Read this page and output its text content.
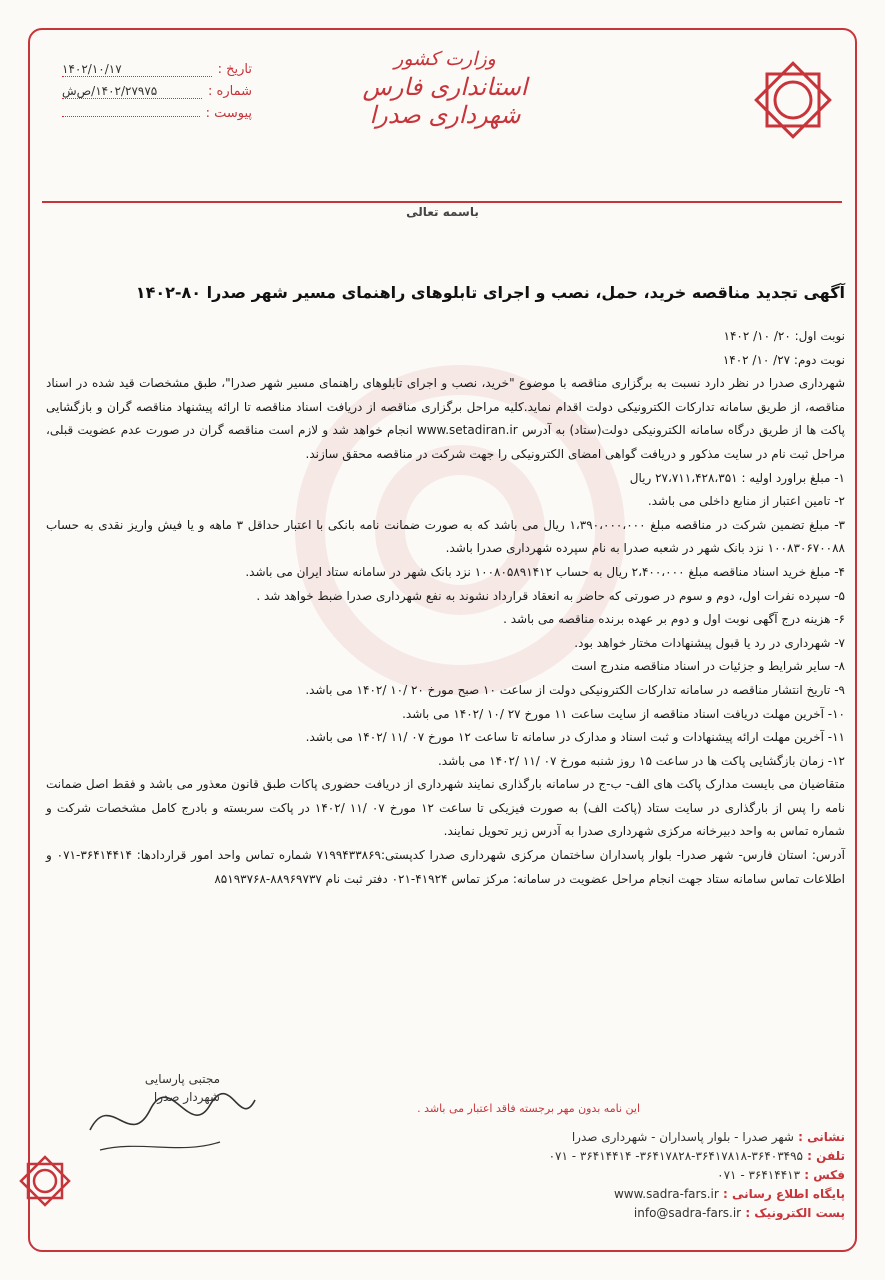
تاریخ :
۱۴۰۲/۱۰/۱۷
شماره :
۱۴۰۲/۲۷۹۷۵/ص‌ش
پیوست :
وزارت کشور
استانداری فارس
شهرداری صدرا
باسمه تعالی
آگهی تجدید مناقصه خرید، حمل، نصب و اجرای تابلوهای راهنمای مسیر شهر صدرا ۸۰-۱۴۰۲

نوبت اول: ۲۰/ ۱۰/ ۱۴۰۲

نوبت دوم: ۲۷/ ۱۰/ ۱۴۰۲

شهرداری صدرا در نظر دارد نسبت به برگزاری مناقصه با موضوع "خرید، نصب و اجرای تابلوهای راهنمای مسیر شهر صدرا"، طبق مشخصات قید شده در اسناد مناقصه، از طریق سامانه تدارکات الکترونیکی دولت اقدام نماید.کلیه مراحل برگزاری مناقصه از دریافت اسناد مناقصه تا ارائه پیشنهاد مناقصه گران و بازگشایی پاکت ها از طریق درگاه سامانه الکترونیکی دولت(ستاد) به آدرس www.setadiran.ir انجام خواهد شد و لازم است مناقصه گران در صورت عدم عضویت قبلی، مراحل ثبت نام در سایت مذکور و دریافت گواهی امضای الکترونیکی را جهت شرکت در مناقصه محقق سازند.

۱- مبلغ براورد اولیه : ۲۷،۷۱۱،۴۲۸،۳۵۱ ریال

۲- تامین اعتبار از منابع داخلی می باشد.

۳- مبلغ تضمین شرکت در مناقصه مبلغ ۱،۳۹۰،۰۰۰،۰۰۰ ریال می باشد که به صورت ضمانت نامه بانکی با اعتبار حداقل ۳ ماهه و یا فیش واریز نقدی به حساب ۱۰۰۸۳۰۶۷۰۰۸۸ نزد بانک شهر در شعبه صدرا به نام سپرده شهرداری صدرا باشد.

۴- مبلغ خرید اسناد مناقصه مبلغ ۲،۴۰۰،۰۰۰ ریال به حساب ۱۰۰۸۰۵۸۹۱۴۱۲ نزد بانک شهر در سامانه ستاد ایران می باشد.

۵- سپرده نفرات اول، دوم و سوم در صورتی که حاضر به انعقاد قرارداد نشوند به نفع شهرداری صدرا ضبط خواهد شد .

۶- هزینه درج آگهی نوبت اول و دوم بر عهده برنده مناقصه می باشد .

۷- شهرداری در رد یا قبول پیشنهادات مختار خواهد بود.

۸- سایر شرایط و جزئیات در اسناد مناقصه مندرج است

۹- تاریخ انتشار مناقصه در سامانه تدارکات الکترونیکی دولت از ساعت ۱۰ صبح مورخ ۲۰ /۱۰ /۱۴۰۲ می باشد.

۱۰- آخرین مهلت دریافت اسناد مناقصه از سایت ساعت ۱۱ مورخ ۲۷ /۱۰ /۱۴۰۲ می باشد.

۱۱- آخرین مهلت ارائه پیشنهادات و ثبت اسناد و مدارک در سامانه تا ساعت ۱۲ مورخ ۰۷ /۱۱ /۱۴۰۲ می باشد.

۱۲- زمان بازگشایی پاکت ها در ساعت ۱۵ روز شنبه مورخ ۰۷ /۱۱ /۱۴۰۲ می باشد.

متقاضیان می بایست مدارک پاکت های الف- ب-ج در سامانه بارگذاری نمایند شهرداری از دریافت حضوری پاکات طبق قانون معذور می باشد و فقط اصل ضمانت نامه را پس از بارگذاری در سایت ستاد (پاکت الف) به صورت فیزیکی تا ساعت ۱۲ مورخ ۰۷ /۱۱ /۱۴۰۲ در پاکت سربسته و بادرج کامل مشخصات شرکت و شماره تماس به واحد دبیرخانه مرکزی شهرداری صدرا به آدرس زیر تحویل نمایند.

آدرس: استان فارس- شهر صدرا- بلوار پاسداران ساختمان مرکزی شهرداری صدرا کدپستی:۷۱۹۹۴۳۳۸۶۹ شماره تماس واحد امور قراردادها: ۳۶۴۱۴۴۱۴-۰۷۱ و اطلاعات تماس سامانه ستاد جهت انجام مراحل عضویت در سامانه: مرکز تماس ۴۱۹۲۴-۰۲۱ دفتر ثبت نام ۸۸۹۶۹۷۳۷-۸۵۱۹۳۷۶۸

مجتبی پارسایی
شهردار صدرا
این نامه بدون مهر برجسته فاقد اعتبار می باشد .
نشانی : شهر صدرا - بلوار پاسداران - شهرداری صدرا
تلفن : ۳۶۴۰۳۴۹۵-۳۶۴۱۷۸۱۸-۳۶۴۱۷۸۲۸- ۳۶۴۱۴۴۱۴ - ۰۷۱
فکس : ۳۶۴۱۴۴۱۳ - ۰۷۱
پایگاه اطلاع رسانی : www.sadra-fars.ir
پست الکترونیک : info@sadra-fars.ir
